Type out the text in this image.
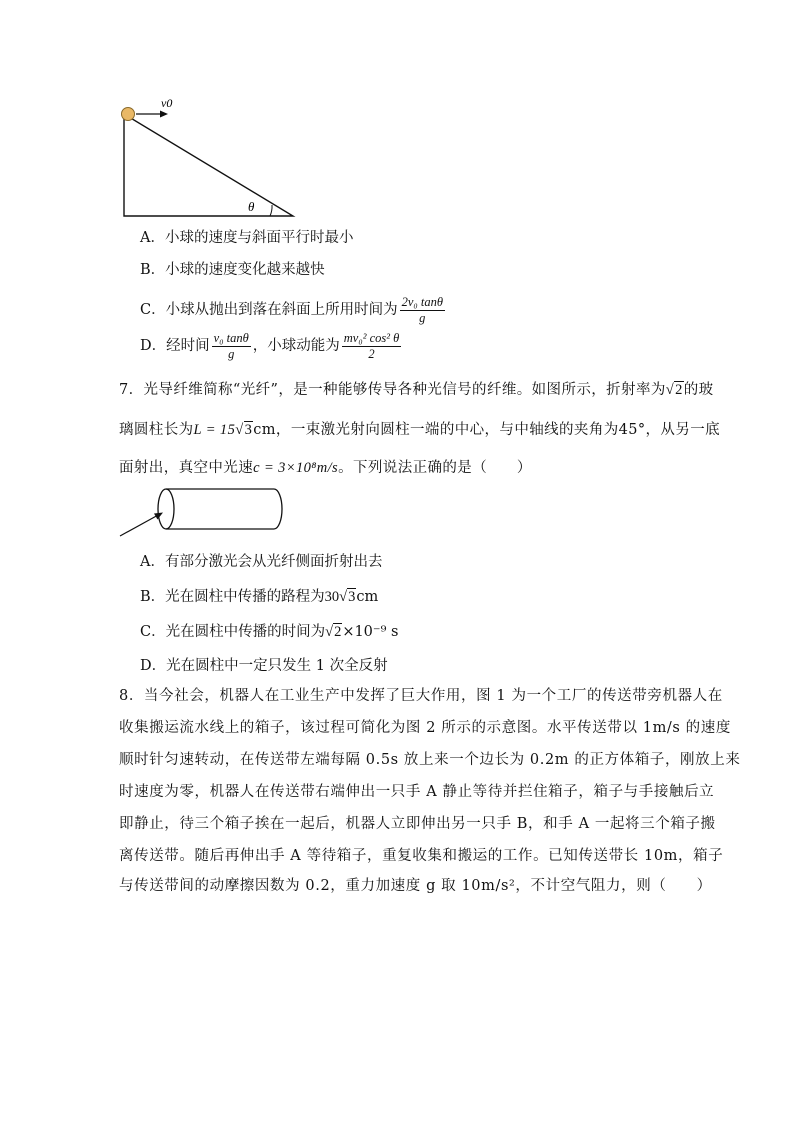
v0
θ
A．小球的速度与斜面平行时最小
B．小球的速度变化越来越快
C．小球从抛出到落在斜面上所用时间为 $\frac{\text{2v₀ tanθ}}{g}$
D．经时间 $\frac{\text{v₀ tanθ}}{g}$ ，小球动能为 $\frac{\text{mv₀² cos² θ}}{2}$
7．光导纤维简称“光纤”，是一种能够传导各种光信号的纤维。如图所示，折射率为√2的玻
璃圆柱长为L = 15√3cm，一束激光射向圆柱一端的中心，与中轴线的夹角为45°，从另一底
面射出，真空中光速c = 3×10⁸m/s。下列说法正确的是（　　）
A．有部分激光会从光纤侧面折射出去
B．光在圆柱中传播的路程为30√3cm
C．光在圆柱中传播的时间为√2×10⁻⁹ s
D．光在圆柱中一定只发生 1 次全反射
8．当今社会，机器人在工业生产中发挥了巨大作用，图 1 为一个工厂的传送带旁机器人在
收集搬运流水线上的箱子，该过程可简化为图 2 所示的示意图。水平传送带以 1m/s 的速度
顺时针匀速转动，在传送带左端每隔 0.5s 放上来一个边长为 0.2m 的正方体箱子，刚放上来
时速度为零，机器人在传送带右端伸出一只手 A 静止等待并拦住箱子，箱子与手接触后立
即静止，待三个箱子挨在一起后，机器人立即伸出另一只手 B，和手 A 一起将三个箱子搬
离传送带。随后再伸出手 A 等待箱子，重复收集和搬运的工作。已知传送带长 10m，箱子
与传送带间的动摩擦因数为 0.2，重力加速度 g 取 10m/s²，不计空气阻力，则（　　）
